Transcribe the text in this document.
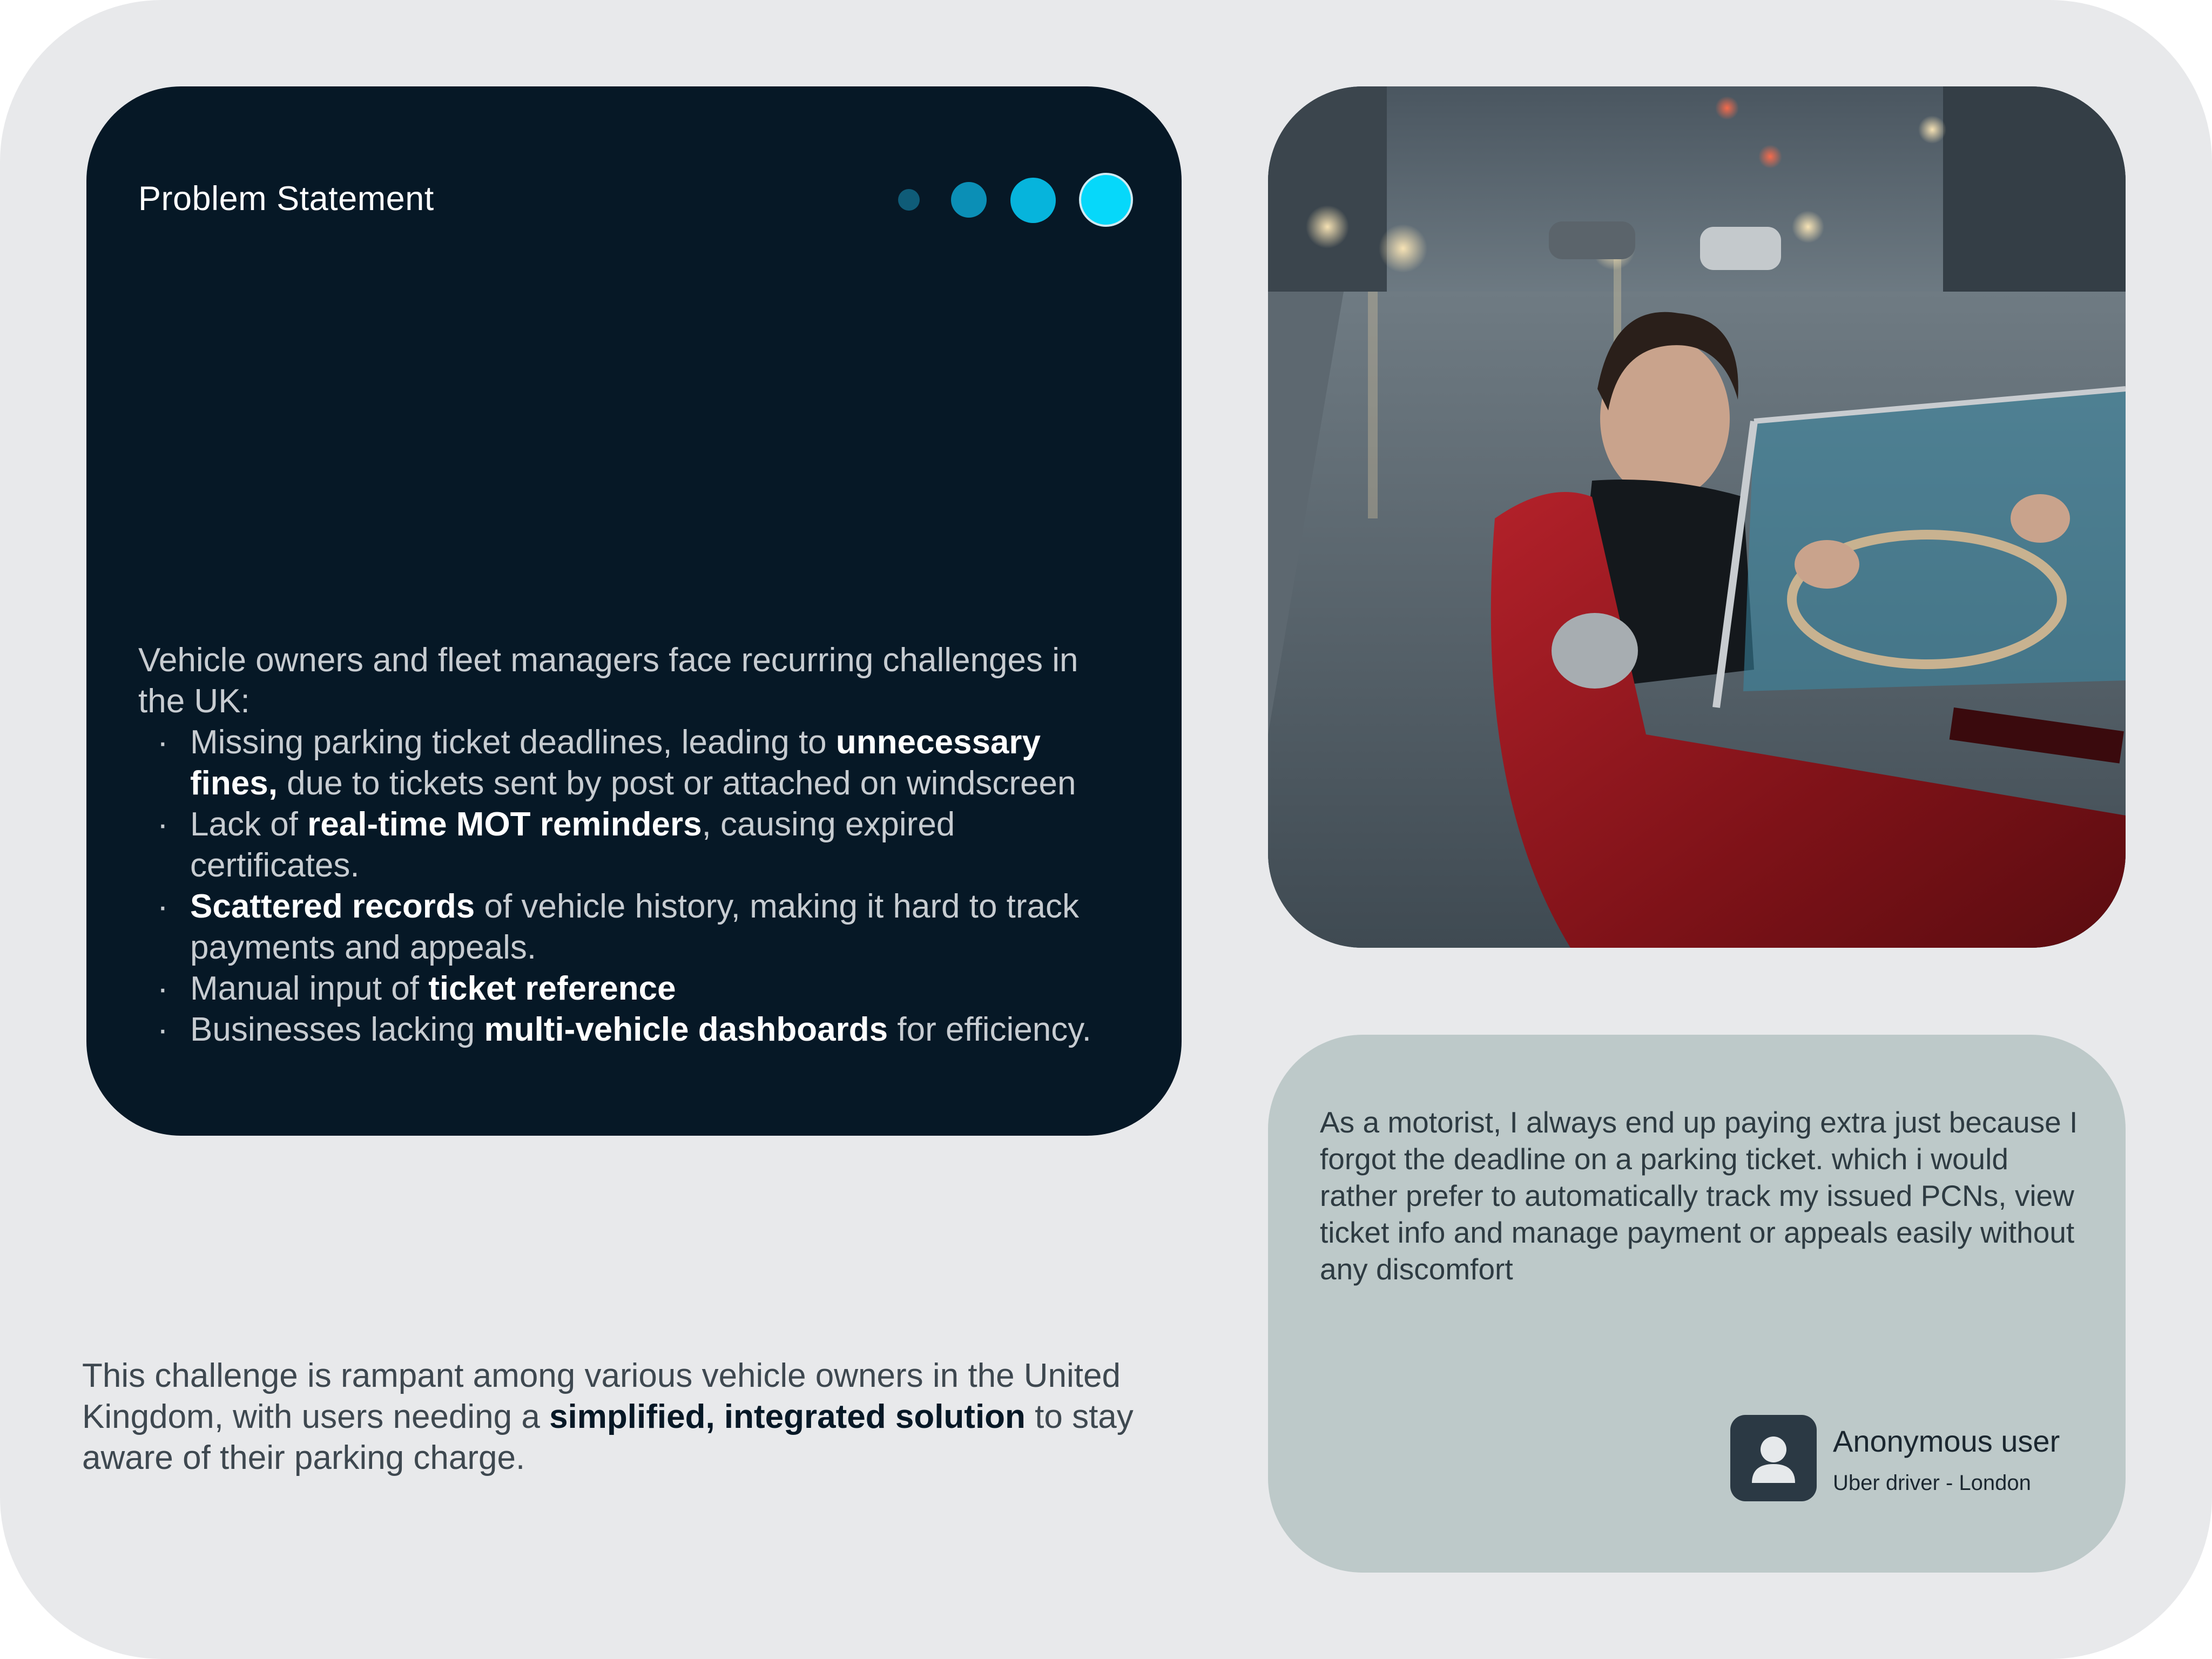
Problem Statement

Vehicle owners and fleet managers face recurring challenges in the UK:

· Missing parking ticket deadlines, leading to unnecessary fines, due to tickets sent by post or attached on windscreen
· Lack of real-time MOT reminders, causing expired certificates.
· Scattered records of vehicle history, making it hard to track payments and appeals.
· Manual input of ticket reference
· Businesses lacking multi-vehicle dashboards for efficiency.

As a motorist, I always end up paying extra just because I forgot the deadline on a parking ticket. which i would rather prefer to automatically track my issued PCNs, view ticket info and manage payment or appeals easily without any discomfort

Anonymous user

Uber driver - London

This challenge is rampant among various vehicle owners in the United Kingdom, with users needing a simplified, integrated solution to stay aware of their parking charge.
